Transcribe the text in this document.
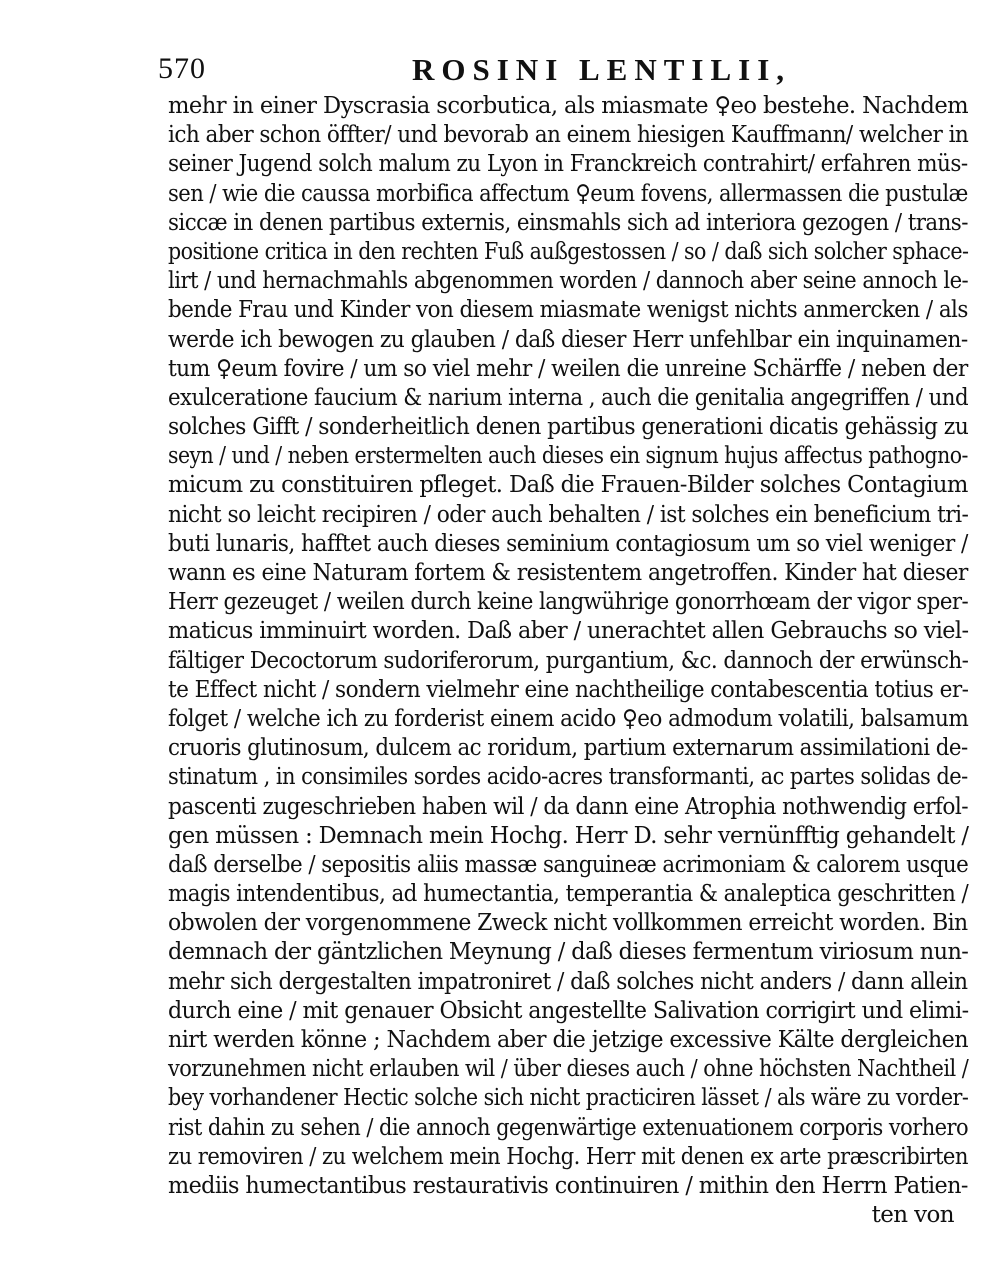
570	ROSINI LENTILII,
mehr in einer Dyscrasia scorbutica, als miasmate ♀eo bestehe. Nachdem
ich aber schon öffter/ und bevorab an einem hiesigen Kauffmann/ welcher in
seiner Jugend solch malum zu Lyon in Franckreich contrahirt/ erfahren müs-
sen / wie die caussa morbifica affectum ♀eum fovens, allermassen die pustulæ
siccæ in denen partibus externis, einsmahls sich ad interiora gezogen / trans-
positione critica in den rechten Fuß außgestossen / so / daß sich solcher sphace-
lirt / und hernachmahls abgenommen worden / dannoch aber seine annoch le-
bende Frau und Kinder von diesem miasmate wenigst nichts anmercken / als
werde ich bewogen zu glauben / daß dieser Herr unfehlbar ein inquinamen-
tum ♀eum fovire / um so viel mehr / weilen die unreine Schärffe / neben der
exulceratione faucium & narium interna , auch die genitalia angegriffen / und
solches Gifft / sonderheitlich denen partibus generationi dicatis gehässig zu
seyn / und / neben erstermelten auch dieses ein signum hujus affectus pathogno-
micum zu constituiren pfleget. Daß die Frauen-Bilder solches Contagium
nicht so leicht recipiren / oder auch behalten / ist solches ein beneficium tri-
buti lunaris, hafftet auch dieses seminium contagiosum um so viel weniger /
wann es eine Naturam fortem & resistentem angetroffen. Kinder hat dieser
Herr gezeuget / weilen durch keine langwührige gonorrhœam der vigor sper-
maticus imminuirt worden. Daß aber / unerachtet allen Gebrauchs so viel-
fältiger Decoctorum sudoriferorum, purgantium, &c. dannoch der erwünsch-
te Effect nicht / sondern vielmehr eine nachtheilige contabescentia totius er-
folget / welche ich zu forderist einem acido ♀eo admodum volatili, balsamum
cruoris glutinosum, dulcem ac roridum, partium externarum assimilationi de-
stinatum , in consimiles sordes acido-acres transformanti, ac partes solidas de-
pascenti zugeschrieben haben wil / da dann eine Atrophia nothwendig erfol-
gen müssen : Demnach mein Hochg. Herr D. sehr vernünfftig gehandelt /
daß derselbe / sepositis aliis massæ sanguineæ acrimoniam & calorem usque
magis intendentibus, ad humectantia, temperantia & analeptica geschritten /
obwolen der vorgenommene Zweck nicht vollkommen erreicht worden. Bin
demnach der gäntzlichen Meynung / daß dieses fermentum viriosum nun-
mehr sich dergestalten impatroniret / daß solches nicht anders / dann allein
durch eine / mit genauer Obsicht angestellte Salivation corrigirt und elimi-
nirt werden könne ; Nachdem aber die jetzige excessive Kälte dergleichen
vorzunehmen nicht erlauben wil / über dieses auch / ohne höchsten Nachtheil /
bey vorhandener Hectic solche sich nicht practiciren lässet / als wäre zu vorder-
rist dahin zu sehen / die annoch gegenwärtige extenuationem corporis vorhero
zu removiren / zu welchem mein Hochg. Herr mit denen ex arte præscribirten
mediis humectantibus restaurativis continuiren / mithin den Herrn Patien-
ten von
